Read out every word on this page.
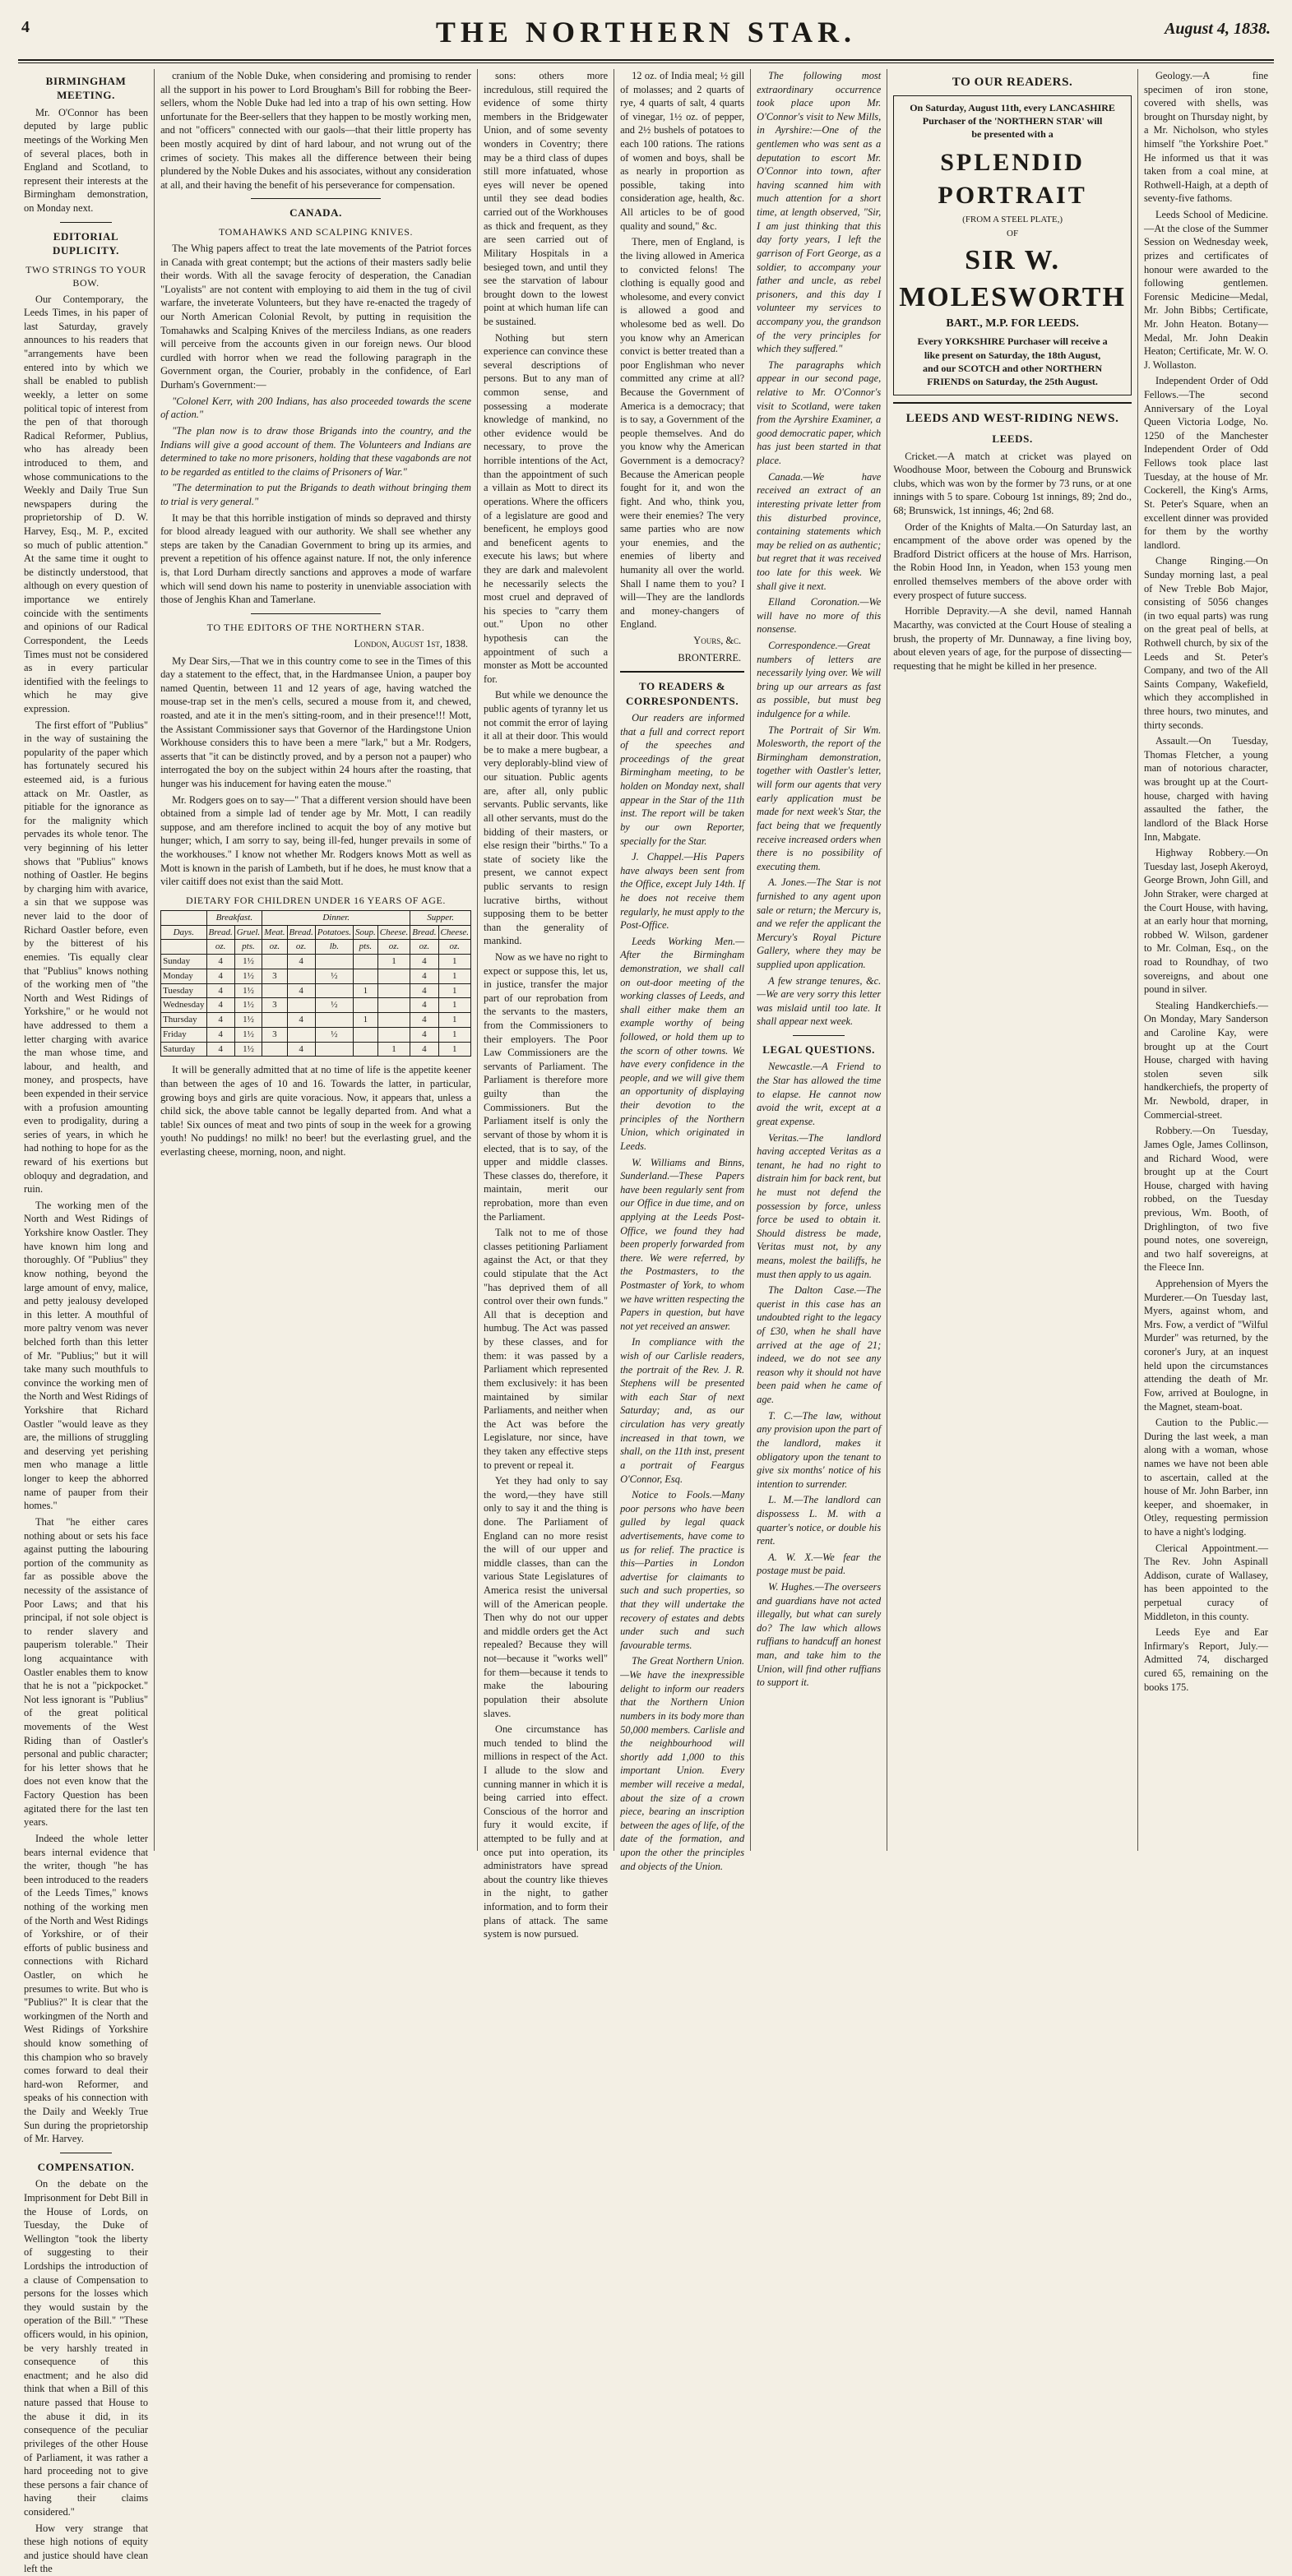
4	THE NORTHERN STAR.	August 4, 1838.
BIRMINGHAM MEETING.
Mr. O'Connor has been deputed by large public meetings of the Working Men of several places, both in England and Scotland, to represent their interests at the Birmingham demonstration, on Monday next.
EDITORIAL DUPLICITY.
TWO STRINGS TO YOUR BOW.
Our Contemporary, the Leeds Times, in his paper of last Saturday, gravely announces to his readers that "arrangements have been entered into by which we shall be enabled to publish weekly, a letter on some political topic of interest from the pen of that thorough Radical Reformer, Publius, who has already been introduced to them, and whose communications to the Weekly and Daily True Sun newspapers during the proprietorship of D. W. Harvey, Esq., M. P., excited so much of public attention." At the same time it ought to be distinctly understood, that although on every question of importance we entirely coincide with the sentiments and opinions of our Radical Correspondent, the Leeds Times must not be considered as in every particular identified with the feelings to which he may give expression.
The first effort of "Publius" in the way of sustaining the popularity of the paper which has fortunately secured his esteemed aid, is a furious attack on Mr. Oastler, as pitiable for the ignorance as for the malignity which pervades its whole tenor. The very beginning of his letter shows that "Publius" knows nothing of Oastler. He begins by charging him with avarice, a sin that we suppose was never laid to the door of Richard Oastler before, even by the bitterest of his enemies. 'Tis equally clear that "Publius" knows nothing of the working men of "the North and West Ridings of Yorkshire," or he would not have addressed to them a letter charging with avarice the man whose time, and labour, and health, and money, and prospects, have been expended in their service with a profusion amounting even to prodigality, during a series of years, in which he had nothing to hope for as the reward of his exertions but obloquy and degradation, and ruin.
The working men of the North and West Ridings of Yorkshire know Oastler. They have known him long and thoroughly. Of "Publius" they know nothing, beyond the large amount of envy, malice, and petty jealousy developed in this letter. A mouthful of more paltry venom was never belched forth than this letter of Mr. "Publius;" but it will take many such mouthfuls to convince the working men of the North and West Ridings of Yorkshire that Richard Oastler "would leave as they are, the millions of struggling and deserving yet perishing men who manage a little longer to keep the abhorred name of pauper from their homes."
That "he either cares nothing about or sets his face against putting the labouring portion of the community as far as possible above the necessity of the assistance of Poor Laws; and that his principal, if not sole object is to render slavery and pauperism tolerable." Their long acquaintance with Oastler enables them to know that he is not a "pickpocket." Not less ignorant is "Publius" of the great political movements of the West Riding than of Oastler's personal and public character; for his letter shows that he does not even know that the Factory Question has been agitated there for the last ten years.
Indeed the whole letter bears internal evidence that the writer, though "he has been introduced to the readers of the Leeds Times," knows nothing of the working men of the North and West Ridings of Yorkshire, or of their efforts of public business and connections with Richard Oastler, on which he presumes to write. But who is "Publius?" It is clear that the workingmen of the North and West Ridings of Yorkshire should know something of this champion who so bravely comes forward to deal their hard-won Reformer, and speaks of his connection with the Daily and Weekly True Sun during the proprietorship of Mr. Harvey.
COMPENSATION.
On the debate on the Imprisonment for Debt Bill in the House of Lords, on Tuesday, the Duke of Wellington "took the liberty of suggesting to their Lordships the introduction of a clause of Compensation to persons for the losses which they would sustain by the operation of the Bill." "These officers would, in his opinion, be very harshly treated in consequence of this enactment; and he also did think that when a Bill of this nature passed that House to the abuse it did, in its consequence of the peculiar privileges of the other House of Parliament, it was rather a hard proceeding not to give these persons a fair chance of having their claims considered."
How very strange that these high notions of equity and justice should have clean left the
cranium of the Noble Duke, when considering and promising to render all the support in his power to Lord Brougham's Bill for robbing the Beer-sellers, whom the Noble Duke had led into a trap of his own setting. How unfortunate for the Beer-sellers that they happen to be mostly working men, and not "officers" connected with our gaols—that their little property has been mostly acquired by dint of hard labour, and not wrung out of the crimes of society. This makes all the difference between their being plundered by the Noble Dukes and his associates, without any consideration at all, and their having the benefit of his perseverance for compensation.
CANADA.
TOMAHAWKS AND SCALPING KNIVES.
The Whig papers affect to treat the late movements of the Patriot forces in Canada with great contempt; but the actions of their masters sadly belie their words. With all the savage ferocity of desperation, the Canadian "Loyalists" are not content with employing to aid them in the tug of civil warfare, the inveterate Volunteers, but they have re-enacted the tragedy of our North American Colonial Revolt, by putting in requisition the Tomahawks and Scalping Knives of the merciless Indians, as one readers will perceive from the accounts given in our foreign news. Our blood curdled with horror when we read the following paragraph in the Government organ, the Courier, probably in the confidence, of Earl Durham's Government:—
"Colonel Kerr, with 200 Indians, has also proceeded towards the scene of action."
"The plan now is to draw those Brigands into the country, and the Indians will give a good account of them. The Volunteers and Indians are determined to take no more prisoners, holding that these vagabonds are not to be regarded as entitled to the claims of Prisoners of War."
"The determination to put the Brigands to death without bringing them to trial is very general."
It may be that this horrible instigation of minds so depraved and thirsty for blood already leagued with our authority. We shall see whether any steps are taken by the Canadian Government to bring up its armies, and prevent a repetition of his offence against nature. If not, the only inference is, that Lord Durham directly sanctions and approves a mode of warfare which will send down his name to posterity in unenviable association with those of Jenghis Khan and Tamerlane.
TO THE EDITORS OF THE NORTHERN STAR.
London, August 1st, 1838.
My Dear Sirs,—That we in this country come to see in the Times of this day a statement to the effect, that, in the Hardmansee Union, a pauper boy named Quentin, between 11 and 12 years of age, having watched the mouse-trap set in the men's cells, secured a mouse from it, and chewed, roasted, and ate it in the men's sitting-room, and in their presence!!! Mott, the Assistant Commissioner says that Governor of the Hardingstone Union Workhouse considers this to have been a mere "lark," but a Mr. Rodgers, asserts that "it can be distinctly proved, and by a person not a pauper) who interrogated the boy on the subject within 24 hours after the roasting, that hunger was his inducement for having eaten the mouse."
Mr. Rodgers goes on to say—" That a different version should have been obtained from a simple lad of tender age by Mr. Mott, I can readily suppose, and am therefore inclined to acquit the boy of any motive but hunger; which, I am sorry to say, being ill-fed, hunger prevails in some of the workhouses." I know not whether Mr. Rodgers knows Mott as well as Mott is known in the parish of Lambeth, but if he does, he must know that a viler caitiff does not exist than the said Mott.
DIETARY FOR CHILDREN UNDER 16 YEARS OF AGE.
	Breakfast.		Dinner.					Supper.	
Days.	Bread.	Gruel.	Meat.	Bread.	Potatoes.	Soup.	Cheese.	Bread.	Cheese.
	oz.	pts.	oz.	oz.	lb.	pts.	oz.	oz.	oz.
Sunday	4	1½		4			1	4	1
Monday	4	1½	3		½			4	1
Tuesday	4	1½		4		1		4	1
Wednesday	4	1½	3		½			4	1
Thursday	4	1½		4		1		4	1
Friday	4	1½	3		½			4	1
Saturday	4	1½		4			1	4	1
It will be generally admitted that at no time of life is the appetite keener than between the ages of 10 and 16. Towards the latter, in particular, growing boys and girls are quite voracious. Now, it appears that, unless a child sick, the above table cannot be legally departed from. And what a table! Six ounces of meat and two pints of soup in the week for a growing youth! No puddings! no milk! no beer! but the everlasting gruel, and the everlasting cheese, morning, noon, and night.
sons: others more incredulous, still required the evidence of some thirty members in the Bridgewater Union, and of some seventy wonders in Coventry; there may be a third class of dupes still more infatuated, whose eyes will never be opened until they see dead bodies carried out of the Workhouses as thick and frequent, as they are seen carried out of Military Hospitals in a besieged town, and until they see the starvation of labour brought down to the lowest point at which human life can be sustained.
Nothing but stern experience can convince these several descriptions of persons. But to any man of common sense, and possessing a moderate knowledge of mankind, no other evidence would be necessary, to prove the horrible intentions of the Act, than the appointment of such a villain as Mott to direct its operations. Where the officers of a legislature are good and beneficent, he employs good and beneficent agents to execute his laws; but where they are dark and malevolent he necessarily selects the most cruel and depraved of his species to "carry them out." Upon no other hypothesis can the appointment of such a monster as Mott be accounted for.
But while we denounce the public agents of tyranny let us not commit the error of laying it all at their door. This would be to make a mere bugbear, a very deplorably-blind view of our situation. Public agents are, after all, only public servants. Public servants, like all other servants, must do the bidding of their masters, or else resign their "births." To a state of society like the present, we cannot expect public servants to resign lucrative births, without supposing them to be better than the generality of mankind.
Now as we have no right to expect or suppose this, let us, in justice, transfer the major part of our reprobation from the servants to the masters, from the Commissioners to their employers. The Poor Law Commissioners are the servants of Parliament. The Parliament is therefore more guilty than the Commissioners. But the Parliament itself is only the servant of those by whom it is elected, that is to say, of the upper and middle classes. These classes do, therefore, it maintain, merit our reprobation, more than even the Parliament.
Talk not to me of those classes petitioning Parliament against the Act, or that they could stipulate that the Act "has deprived them of all control over their own funds." All that is deception and humbug. The Act was passed by these classes, and for them: it was passed by a Parliament which represented them exclusively: it has been maintained by similar Parliaments, and neither when the Act was before the Legislature, nor since, have they taken any effective steps to prevent or repeal it.
Yet they had only to say the word,—they have still only to say it and the thing is done. The Parliament of England can no more resist the will of our upper and middle classes, than can the various State Legislatures of America resist the universal will of the American people. Then why do not our upper and middle orders get the Act repealed? Because they will not—because it "works well" for them—because it tends to make the labouring population their absolute slaves.
One circumstance has much tended to blind the millions in respect of the Act. I allude to the slow and cunning manner in which it is being carried into effect. Conscious of the horror and fury it would excite, if attempted to be fully and at once put into operation, its administrators have spread about the country like thieves in the night, to gather information, and to form their plans of attack. The same system is now pursued.
12 oz. of India meal; ½ gill of molasses; and 2 quarts of rye, 4 quarts of salt, 4 quarts of vinegar, 1½ oz. of pepper, and 2½ bushels of potatoes to each 100 rations. The rations of women and boys, shall be as nearly in proportion as possible, taking into consideration age, health, &c. All articles to be of good quality and sound," &c.
There, men of England, is the living allowed in America to convicted felons! The clothing is equally good and wholesome, and every convict is allowed a good and wholesome bed as well. Do you know why an American convict is better treated than a poor Englishman who never committed any crime at all? Because the Government of America is a democracy; that is to say, a Government of the people themselves. And do you know why the American Government is a democracy? Because the American people fought for it, and won the fight. And who, think you, were their enemies? The very same parties who are now your enemies, and the enemies of liberty and humanity all over the world. Shall I name them to you? I will—They are the landlords and money-changers of England.
Yours, &c.
BRONTERRE.
TO READERS & CORRESPONDENTS.
Our readers are informed that a full and correct report of the speeches and proceedings of the great Birmingham meeting, to be holden on Monday next, shall appear in the Star of the 11th inst. The report will be taken by our own Reporter, specially for the Star.
J. Chappel.—His Papers have always been sent from the Office, except July 14th. If he does not receive them regularly, he must apply to the Post-Office.
Leeds Working Men.—After the Birmingham demonstration, we shall call on out-door meeting of the working classes of Leeds, and shall either make them an example worthy of being followed, or hold them up to the scorn of other towns. We have every confidence in the people, and we will give them an opportunity of displaying their devotion to the principles of the Northern Union, which originated in Leeds.
W. Williams and Binns, Sunderland.—These Papers have been regularly sent from our Office in due time, and on applying at the Leeds Post-Office, we found they had been properly forwarded from there. We were referred, by the Postmasters, to the Postmaster of York, to whom we have written respecting the Papers in question, but have not yet received an answer.
In compliance with the wish of our Carlisle readers, the portrait of the Rev. J. R. Stephens will be presented with each Star of next Saturday; and, as our circulation has very greatly increased in that town, we shall, on the 11th inst, present a portrait of Feargus O'Connor, Esq.
Notice to Fools.—Many poor persons who have been gulled by legal quack advertisements, have come to us for relief. The practice is this—Parties in London advertise for claimants to such and such properties, so that they will undertake the recovery of estates and debts under such and such favourable terms.
The Great Northern Union.—We have the inexpressible delight to inform our readers that the Northern Union numbers in its body more than 50,000 members. Carlisle and the neighbourhood will shortly add 1,000 to this important Union. Every member will receive a medal, about the size of a crown piece, bearing an inscription between the ages of life, of the date of the formation, and upon the other the principles and objects of the Union.
The following most extraordinary occurrence took place upon Mr. O'Connor's visit to New Mills, in Ayrshire:—One of the gentlemen who was sent as a deputation to escort Mr. O'Connor into town, after having scanned him with much attention for a short time, at length observed, "Sir, I am just thinking that this day forty years, I left the garrison of Fort George, as a soldier, to accompany your father and uncle, as rebel prisoners, and this day I volunteer my services to accompany you, the grandson of the very principles for which they suffered."
The paragraphs which appear in our second page, relative to Mr. O'Connor's visit to Scotland, were taken from the Ayrshire Examiner, a good democratic paper, which has just been started in that place.
Canada.—We have received an extract of an interesting private letter from this disturbed province, containing statements which may be relied on as authentic; but regret that it was received too late for this week. We shall give it next.
Elland Coronation.—We will have no more of this nonsense.
Correspondence.—Great numbers of letters are necessarily lying over. We will bring up our arrears as fast as possible, but must beg indulgence for a while.
The Portrait of Sir Wm. Molesworth, the report of the Birmingham demonstration, together with Oastler's letter, will form our agents that very early application must be made for next week's Star, the fact being that we frequently receive increased orders when there is no possibility of executing them.
A. Jones.—The Star is not furnished to any agent upon sale or return; the Mercury is, and we refer the applicant the Mercury's Royal Picture Gallery, where they may be supplied upon application.
A few strange tenures, &c.—We are very sorry this letter was mislaid until too late. It shall appear next week.
LEGAL QUESTIONS.
Newcastle.—A Friend to the Star has allowed the time to elapse. He cannot now avoid the writ, except at a great expense.
Veritas.—The landlord having accepted Veritas as a tenant, he had no right to distrain him for back rent, but he must not defend the possession by force, unless force be used to obtain it. Should distress be made, Veritas must not, by any means, molest the bailiffs, he must then apply to us again.
The Dalton Case.—The querist in this case has an undoubted right to the legacy of £30, when he shall have arrived at the age of 21; indeed, we do not see any reason why it should not have been paid when he came of age.
T. C.—The law, without any provision upon the part of the landlord, makes it obligatory upon the tenant to give six months' notice of his intention to surrender.
L. M.—The landlord can dispossess L. M. with a quarter's notice, or double his rent.
A. W. X.—We fear the postage must be paid.
W. Hughes.—The overseers and guardians have not acted illegally, but what can surely do? The law which allows ruffians to handcuff an honest man, and take him to the Union, will find other ruffians to support it.
TO OUR READERS.
On Saturday, August 11th, every LANCASHIRE
Purchaser of the 'NORTHERN STAR' will
be presented with a
SPLENDID PORTRAIT
(FROM A STEEL PLATE,)
OF
SIR W. MOLESWORTH
BART., M.P. FOR LEEDS.
Every YORKSHIRE Purchaser will receive a
like present on Saturday, the 18th August,
and our SCOTCH and other NORTHERN
FRIENDS on Saturday, the 25th August.
LEEDS AND WEST-RIDING NEWS.
LEEDS.
Cricket.—A match at cricket was played on Woodhouse Moor, between the Cobourg and Brunswick clubs, which was won by the former by 73 runs, or at one innings with 5 to spare. Cobourg 1st innings, 89; 2nd do., 68; Brunswick, 1st innings, 46; 2nd 68.
Order of the Knights of Malta.—On Saturday last, an encampment of the above order was opened by the Bradford District officers at the house of Mrs. Harrison, the Robin Hood Inn, in Yeadon, when 153 young men enrolled themselves members of the above order with every prospect of future success.
Horrible Depravity.—A she devil, named Hannah Macarthy, was convicted at the Court House of stealing a brush, the property of Mr. Dunnaway, a fine living boy, about eleven years of age, for the purpose of dissecting—requesting that he might be killed in her presence.
Geology.—A fine specimen of iron stone, covered with shells, was brought on Thursday night, by a Mr. Nicholson, who styles himself "the Yorkshire Poet." He informed us that it was taken from a coal mine, at Rothwell-Haigh, at a depth of seventy-five fathoms.
Leeds School of Medicine.—At the close of the Summer Session on Wednesday week, prizes and certificates of honour were awarded to the following gentlemen. Forensic Medicine—Medal, Mr. John Bibbs; Certificate, Mr. John Heaton. Botany—Medal, Mr. John Deakin Heaton; Certificate, Mr. W. O. J. Wollaston.
Independent Order of Odd Fellows.—The second Anniversary of the Loyal Queen Victoria Lodge, No. 1250 of the Manchester Independent Order of Odd Fellows took place last Tuesday, at the house of Mr. Cockerell, the King's Arms, St. Peter's Square, when an excellent dinner was provided for them by the worthy landlord.
Change Ringing.—On Sunday morning last, a peal of New Treble Bob Major, consisting of 5056 changes (in two equal parts) was rung on the great peal of bells, at Rothwell church, by six of the Leeds and St. Peter's Company, and two of the All Saints Company, Wakefield, which they accomplished in three hours, two minutes, and thirty seconds.
Assault.—On Tuesday, Thomas Fletcher, a young man of notorious character, was brought up at the Court-house, charged with having assaulted the father, the landlord of the Black Horse Inn, Mabgate.
Highway Robbery.—On Tuesday last, Joseph Akeroyd, George Brown, John Gill, and John Straker, were charged at the Court House, with having, at an early hour that morning, robbed W. Wilson, gardener to Mr. Colman, Esq., on the road to Roundhay, of two sovereigns, and about one pound in silver.
Stealing Handkerchiefs.—On Monday, Mary Sanderson and Caroline Kay, were brought up at the Court House, charged with having stolen seven silk handkerchiefs, the property of Mr. Newbold, draper, in Commercial-street.
Robbery.—On Tuesday, James Ogle, James Collinson, and Richard Wood, were brought up at the Court House, charged with having robbed, on the Tuesday previous, Wm. Booth, of Drighlington, of two five pound notes, one sovereign, and two half sovereigns, at the Fleece Inn.
Apprehension of Myers the Murderer.—On Tuesday last, Myers, against whom, and Mrs. Fow, a verdict of "Wilful Murder" was returned, by the coroner's Jury, at an inquest held upon the circumstances attending the death of Mr. Fow, arrived at Boulogne, in the Magnet, steam-boat.
Caution to the Public.—During the last week, a man along with a woman, whose names we have not been able to ascertain, called at the house of Mr. John Barber, inn keeper, and shoemaker, in Otley, requesting permission to have a night's lodging.
Clerical Appointment.—The Rev. John Aspinall Addison, curate of Wallasey, has been appointed to the perpetual curacy of Middleton, in this county.
Leeds Eye and Ear Infirmary's Report, July.—Admitted 74, discharged cured 65, remaining on the books 175.
